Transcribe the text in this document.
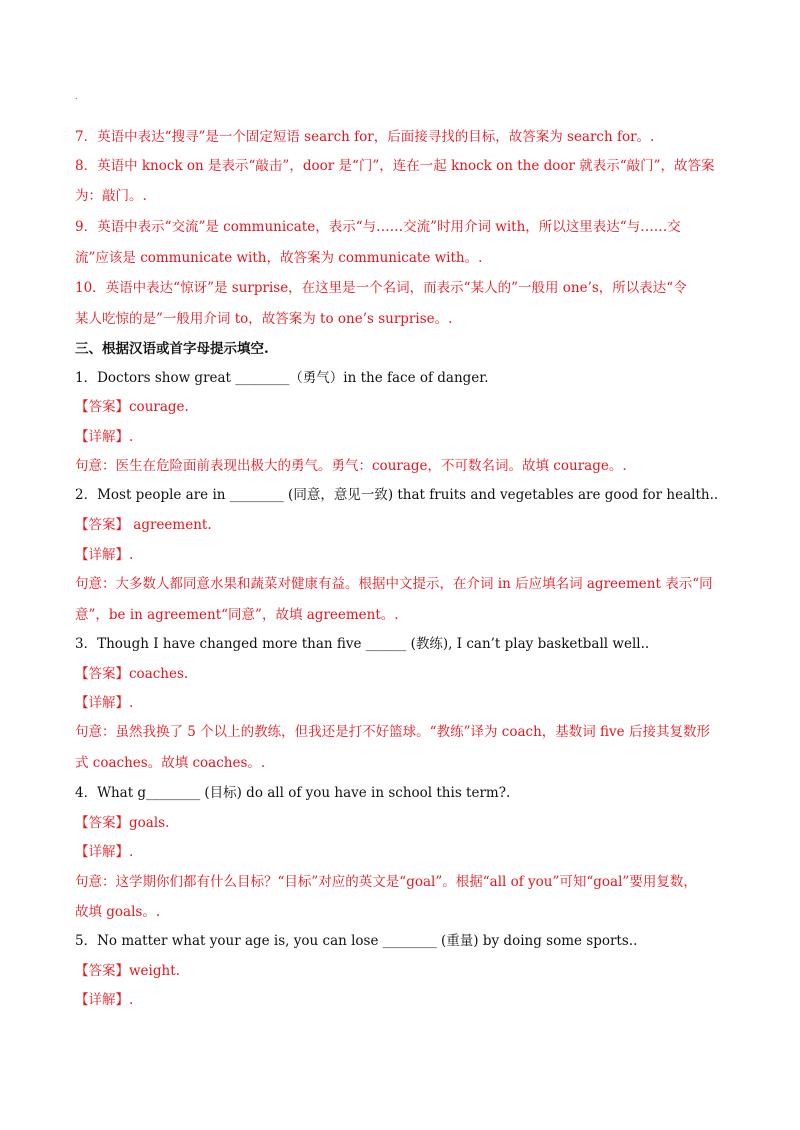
.
7．英语中表达“搜寻”是一个固定短语 search for，后面接寻找的目标，故答案为 search for。.
8．英语中 knock on 是表示“敲击”，door 是“门”，连在一起 knock on the door 就表示“敲门”，故答案
为：敲门。.
9．英语中表示“交流”是 communicate，表示“与……交流”时用介词 with，所以这里表达“与……交
流”应该是 communicate with，故答案为 communicate with。.
10．英语中表达“惊讶”是 surprise，在这里是一个名词，而表示“某人的”一般用 one’s，所以表达“令
某人吃惊的是”一般用介词 to，故答案为 to one’s surprise。.
三、根据汉语或首字母提示填空.
1．Doctors show great ________（勇气）in the face of danger.
【答案】courage.
【详解】.
句意：医生在危险面前表现出极大的勇气。勇气：courage，不可数名词。故填 courage。.
2．Most people are in ________ (同意，意见一致) that fruits and vegetables are good for health..
【答案】 agreement.
【详解】.
句意：大多数人都同意水果和蔬菜对健康有益。根据中文提示，在介词 in 后应填名词 agreement 表示“同
意”，be in agreement“同意”，故填 agreement。.
3．Though I have changed more than five ______ (教练), I can’t play basketball well..
【答案】coaches.
【详解】.
句意：虽然我换了 5 个以上的教练，但我还是打不好篮球。“教练”译为 coach，基数词 five 后接其复数形
式 coaches。故填 coaches。.
4．What g________ (目标) do all of you have in school this term?.
【答案】goals.
【详解】.
句意：这学期你们都有什么目标？“目标”对应的英文是“goal”。根据“all of you”可知“goal”要用复数，
故填 goals。.
5．No matter what your age is, you can lose ________ (重量) by doing some sports..
【答案】weight.
【详解】.
